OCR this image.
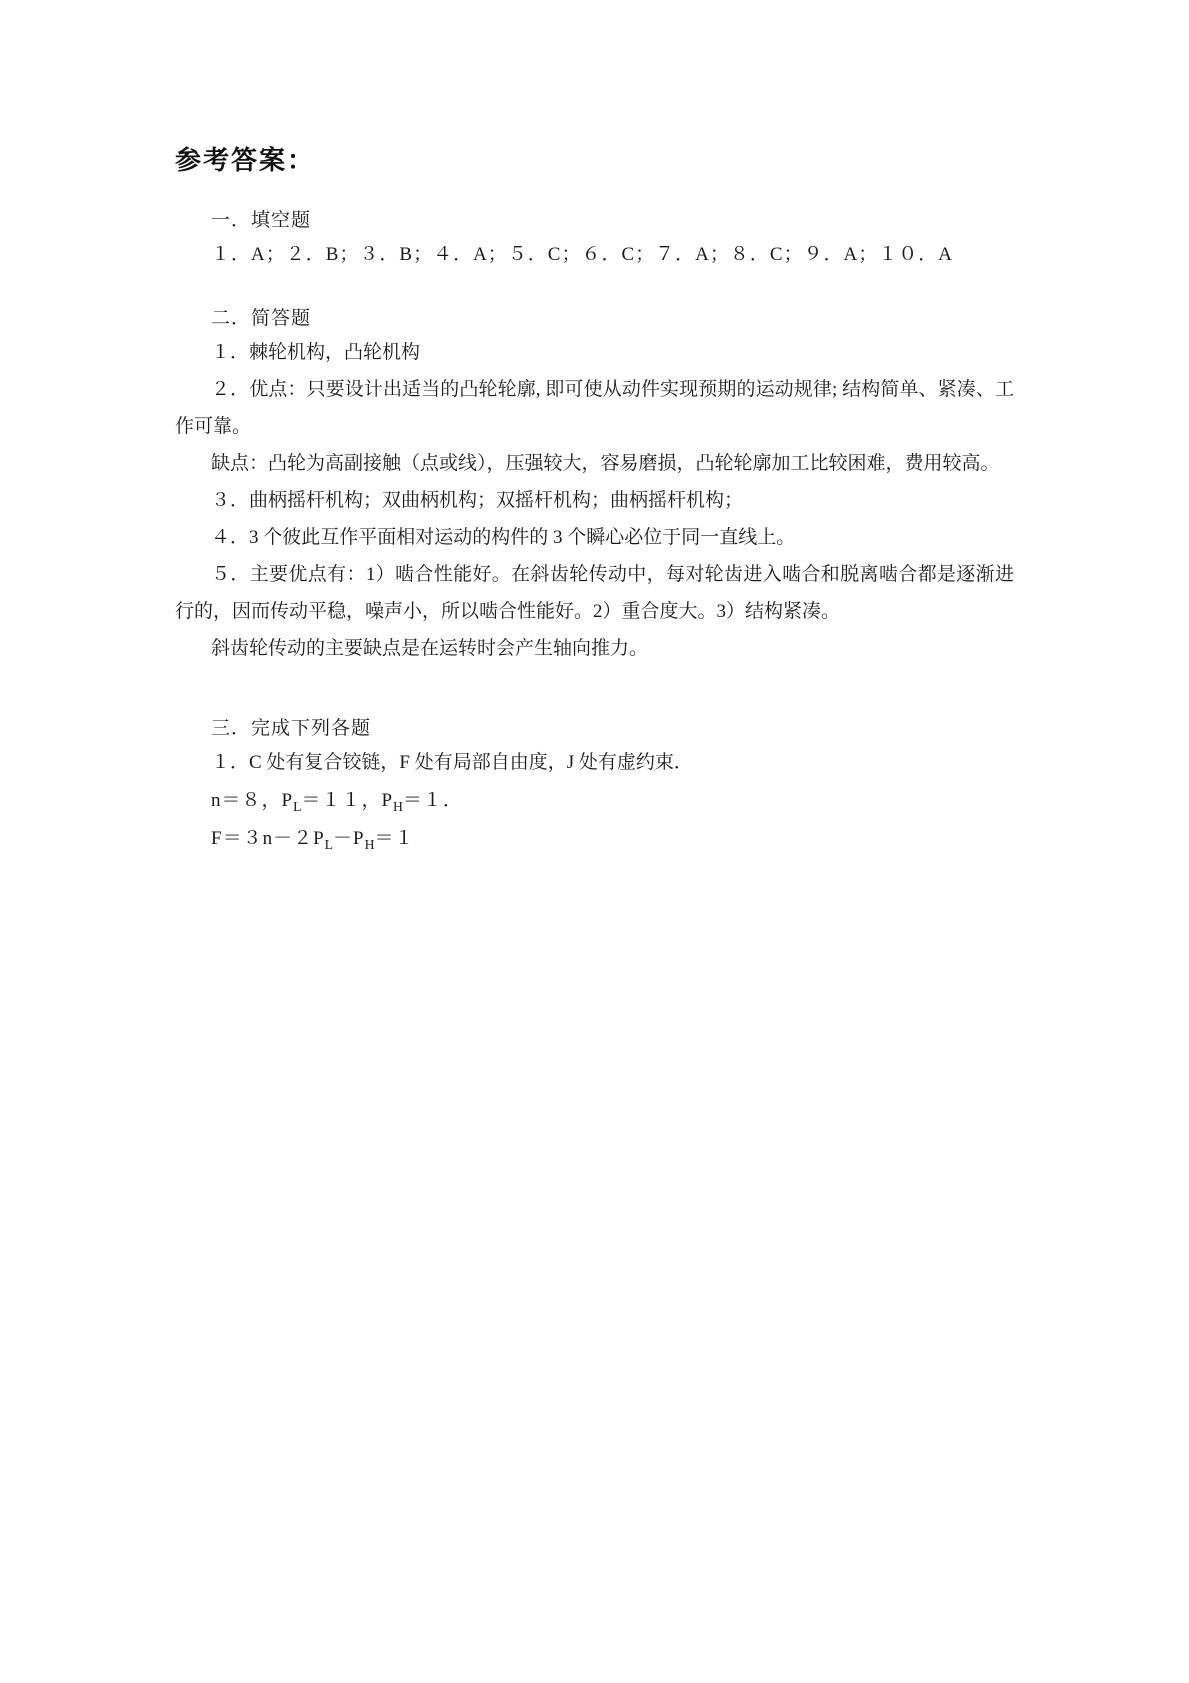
参考答案：
一．填空题

１．A；２．B；３．B；４．A；５．C；６．C；７．A；８．C；９．A；１０．A

二．简答题

１．棘轮机构，凸轮机构

２．优点：只要设计出适当的凸轮轮廓, 即可使从动件实现预期的运动规律; 结构简单、紧凑、工作可靠。

缺点：凸轮为高副接触（点或线），压强较大，容易磨损，凸轮轮廓加工比较困难，费用较高。

３．曲柄摇杆机构；双曲柄机构；双摇杆机构；曲柄摇杆机构；

４．3 个彼此互作平面相对运动的构件的 3 个瞬心必位于同一直线上。

５．主要优点有：1）啮合性能好。在斜齿轮传动中，每对轮齿进入啮合和脱离啮合都是逐渐进行的，因而传动平稳，噪声小，所以啮合性能好。2）重合度大。3）结构紧凑。

斜齿轮传动的主要缺点是在运转时会产生轴向推力。

三．完成下列各题

１．C 处有复合铰链，F 处有局部自由度，J 处有虚约束．

n＝８，$P_L=11$，$P_H=1$．
$F=3n-2P_L-P_H=1$
